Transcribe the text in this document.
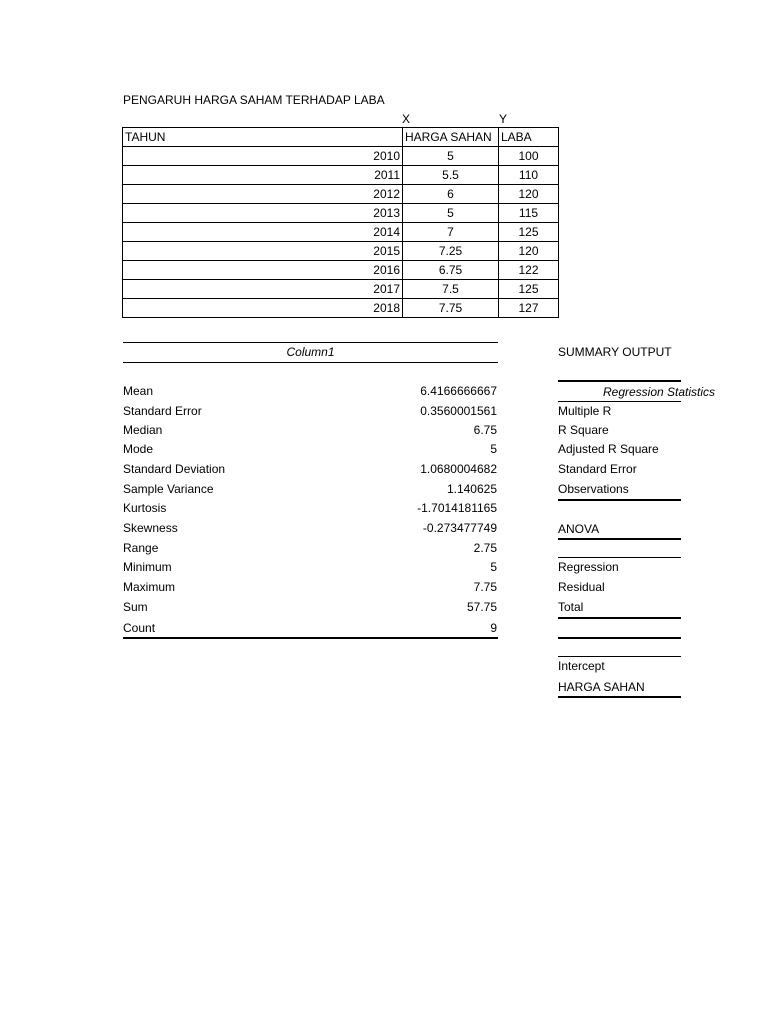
PENGARUH HARGA SAHAM TERHADAP LABA
X	Y
TAHUN	HARGA SAHAN	LABA
2010	5	100
2011	5.5	110
2012	6	120
2013	5	115
2014	7	125
2015	7.25	120
2016	6.75	122
2017	7.5	125
2018	7.75	127
Column1
Mean	6.4166666667
Standard Error	0.3560001561
Median	6.75
Mode	5
Standard Deviation	1.0680004682
Sample Variance	1.140625
Kurtosis	-1.7014181165
Skewness	-0.273477749
Range	2.75
Minimum	5
Maximum	7.75
Sum	57.75
Count	9
SUMMARY OUTPUT
Regression Statistics
Multiple R
R Square
Adjusted R Square
Standard Error
Observations
ANOVA
Regression
Residual
Total
Intercept
HARGA SAHAN
